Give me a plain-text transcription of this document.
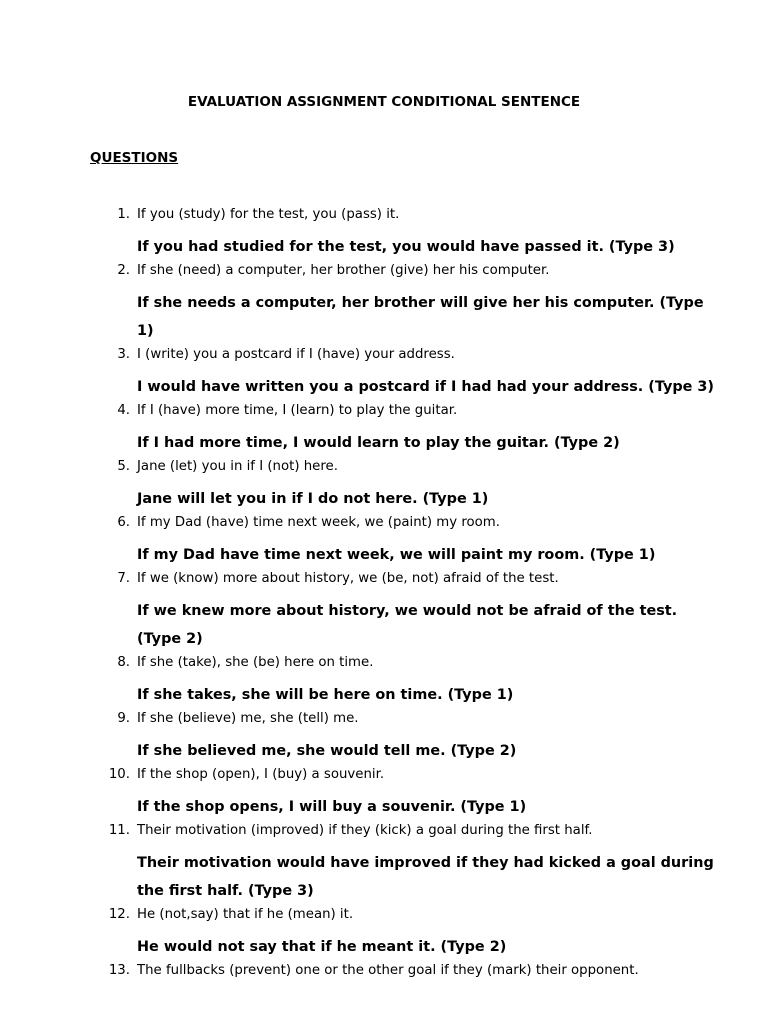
EVALUATION ASSIGNMENT CONDITIONAL SENTENCE
QUESTIONS
1. If you (study) for the test, you (pass) it.
If you had studied for the test, you would have passed it. (Type 3)
2. If she (need) a computer, her brother (give) her his computer.
If she needs a computer, her brother will give her his computer. (Type 1)
3. I (write) you a postcard if I (have) your address.
I would have written you a postcard if I had had your address. (Type 3)
4. If I (have) more time, I (learn) to play the guitar.
If I had more time, I would learn to play the guitar. (Type 2)
5. Jane (let) you in if I (not) here.
Jane will let you in if I do not here. (Type 1)
6. If my Dad (have) time next week, we (paint) my room.
If my Dad have time next week, we will paint my room. (Type 1)
7. If we (know) more about history, we (be, not) afraid of the test.
If we knew more about history, we would not be afraid of the test. (Type 2)
8. If she (take), she (be) here on time.
If she takes, she will be here on time. (Type 1)
9. If she (believe) me, she (tell) me.
If she believed me, she would tell me. (Type 2)
10. If the shop (open), I (buy) a souvenir.
If the shop opens, I will buy a souvenir. (Type 1)
11. Their motivation (improved) if they (kick) a goal during the first half.
Their motivation would have improved if they had kicked a goal during the first half. (Type 3)
12. He (not,say) that if he (mean) it.
He would not say that if he meant it. (Type 2)
13. The fullbacks (prevent) one or the other goal if they (mark) their opponent.
